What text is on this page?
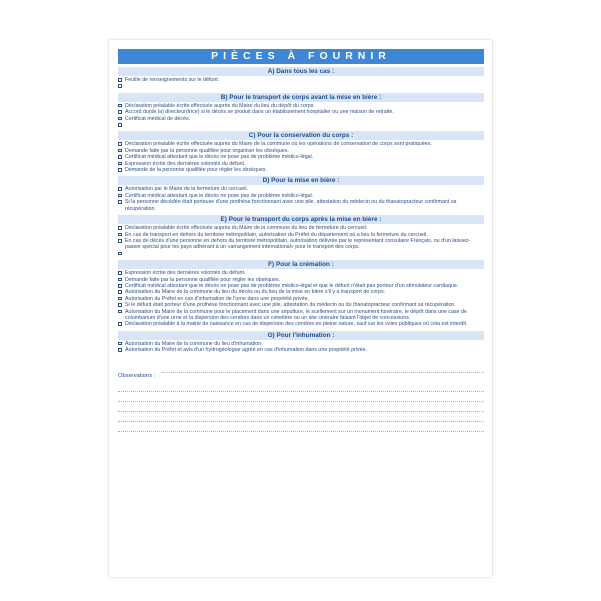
PIÈCES À FOURNIR
A) Dans tous les cas :
Feuille de renseignements sur le défunt.

B) Pour le transport de corps avant la mise en bière :
Déclaration préalable écrite effectuée auprès du Maire du lieu du dépôt du corps.
Accord du(de la) directeur(trice) si le décès se produit dans un établissement hospitalier ou une maison de retraite.
Certificat médical de décès.

C) Pour la conservation du corps :
Déclaration préalable écrite effectuée auprès du Maire de la commune où les opérations de conservation de corps sont pratiquées.
Demande faite par la personne qualifiée pour organiser les obsèques.
Certificat médical attestant que le décès ne pose pas de problème médico-légal.
Expression écrite des dernières volontés du défunt.
Demande de la personne qualifiée pour régler les obsèques.
D) Pour la mise en bière :
Autorisation par le Maire de la fermeture du cercueil.
Certificat médical attestant que le décès ne pose pas de problème médico-légal.
Si la personne décédée était porteuse d'une prothèse fonctionnant avec une pile, attestation du médecin ou du thanatopracteur confirmant sa récupération.
E) Pour le transport du corps après la mise en bière :
Déclaration préalable écrite effectuée auprès du Maire de la commune du lieu de fermeture du cercueil.
En cas de transport en dehors du territoire métropolitain, autorisation du Préfet du département où a lieu la fermeture du cercueil.
En cas de décès d'une personne en dehors du territoire métropolitain, autorisation délivrée par le représentant consulaire Français, ou d'un laissez-passer spécial pour les pays adhérant à un «arrangement international» pour le transport des corps.

F) Pour la crémation :
Expression écrite des dernières volontés du défunt.
Demande faite par la personne qualifiée pour régler les obsèques.
Certificat médical attestant que le décès ne pose pas de problème médico-légal et que le défunt n'était pas porteur d'un stimulateur cardiaque.
Autorisation du Maire de la commune du lieu du décès ou du lieu de la mise en bière s'il y a transport de corps.
Autorisation du Préfet en cas d'inhumation de l'urne dans une propriété privée.
Si le défunt était porteur d'une prothèse fonctionnant avec une pile, attestation du médecin ou du thanatopracteur confirmant sa récupération.
Autorisation du Maire de la commune pour le placement dans une sépulture, le scellement sur un monument funéraire, le dépôt dans une case de columbarium d'une urne et la dispersion des cendres dans un cimetière ou un site cinéraire faisant l'objet de concessions.
Déclaration préalable à la mairie de naissance en cas de dispersion des cendres en pleine nature, sauf sur les voies publiques où cela est interdit.
G) Pour l'inhumation :
Autorisation du Maire de la commune du lieu d'inhumation.
Autorisation du Préfet et avis d'un hydrogéologue agréé en cas d'inhumation dans une propriété privée.
Observations :
